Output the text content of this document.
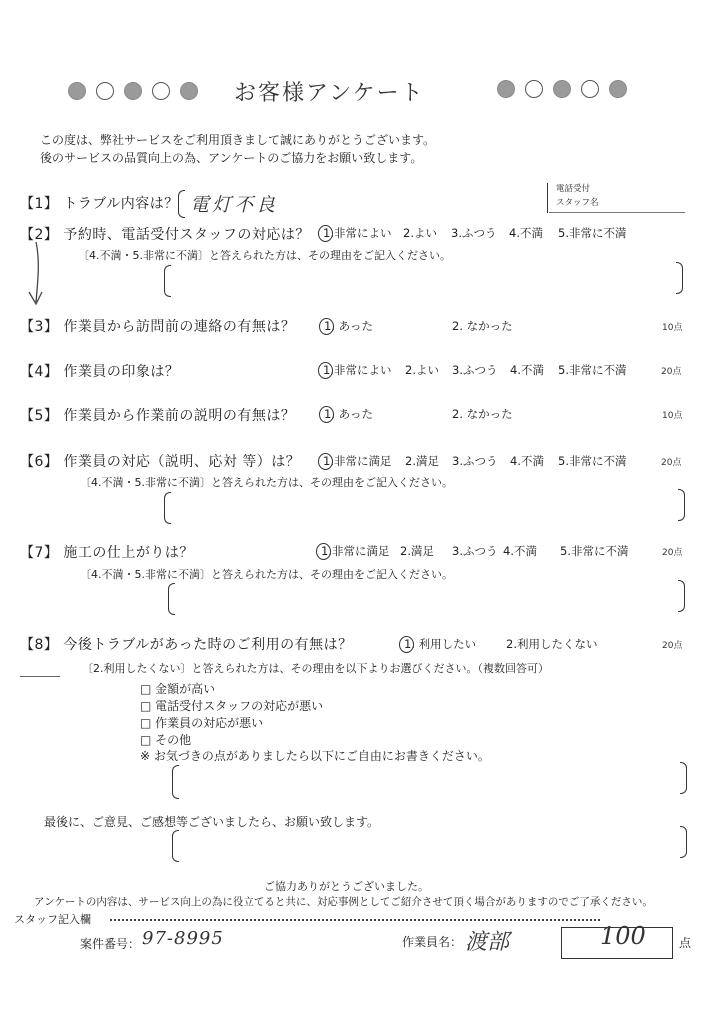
お客様アンケート
この度は、弊社サービスをご利用頂きまして誠にありがとうございます。
後のサービスの品質向上の為、アンケートのご協力をお願い致します。
電話受付
スタッフ名
【1】 トラブル内容は？ 電灯不良
【2】 予約時、電話受付スタッフの対応は？ 1.非常によい 2.よい 3.ふつう 4.不満 5.非常に不満
〔4.不満・5.非常に不満〕と答えられた方は、その理由をご記入ください。
【3】 作業員から訪問前の連絡の有無は？ 1. あった	2. なかった	10点
【4】 作業員の印象は？	1.非常によい 2.よい 3.ふつう 4.不満 5.非常に不満	20点
【5】 作業員から作業前の説明の有無は？ 1. あった	2. なかった	10点
【6】 作業員の対応（説明、応対 等）は？ 1.非常に満足 2.満足 3.ふつう 4.不満 5.非常に不満	20点
〔4.不満・5.非常に不満〕と答えられた方は、その理由をご記入ください。
【7】 施工の仕上がりは？	1.非常に満足 2.満足 3.ふつう 4.不満 5.非常に不満	20点
〔4.不満・5.非常に不満〕と答えられた方は、その理由をご記入ください。
【8】 今後トラブルがあった時のご利用の有無は？	1. 利用したい	2.利用したくない	20点
〔2.利用したくない〕と答えられた方は、その理由を以下よりお選びください。（複数回答可）
□ 金額が高い
□ 電話受付スタッフの対応が悪い
□ 作業員の対応が悪い
□ その他
※ お気づきの点がありましたら以下にご自由にお書きください。
最後に、ご意見、ご感想等ございましたら、お願い致します。
ご協力ありがとうございました。
アンケートの内容は、サービス向上の為に役立てると共に、対応事例としてご紹介させて頂く場合がありますのでご了承ください。
スタッフ記入欄
案件番号： 97-8995	作業員名： 渡部	100	点
